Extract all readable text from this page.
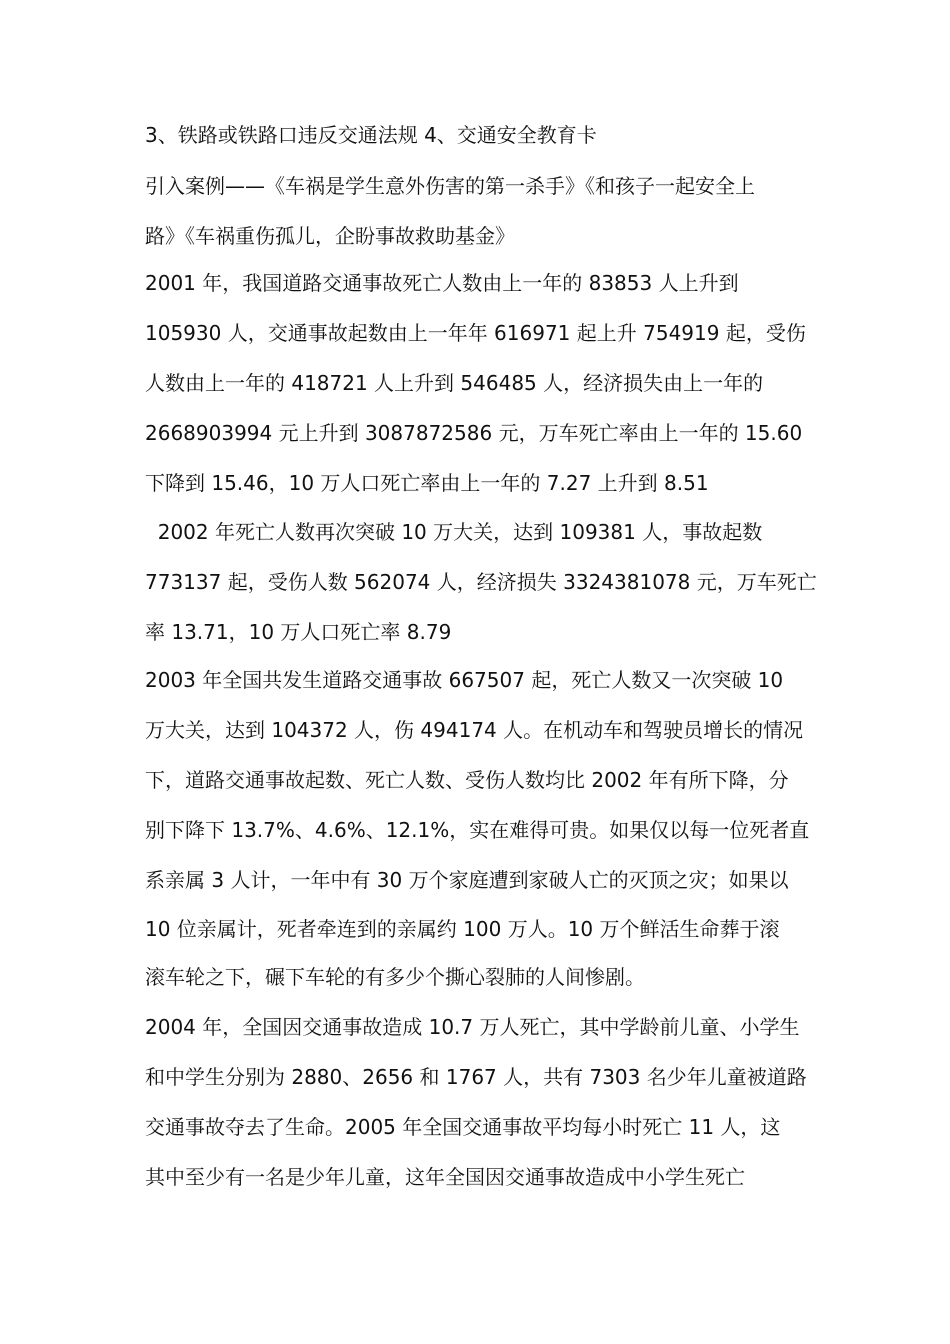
3、铁路或铁路口违反交通法规 4、交通安全教育卡
引入案例——《车祸是学生意外伤害的第一杀手》《和孩子一起安全上
路》《车祸重伤孤儿，企盼事故救助基金》
2001 年，我国道路交通事故死亡人数由上一年的 83853 人上升到
105930 人，交通事故起数由上一年年 616971 起上升 754919 起，受伤
人数由上一年的 418721 人上升到 546485 人，经济损失由上一年的
2668903994 元上升到 3087872586 元，万车死亡率由上一年的 15.60
下降到 15.46，10 万人口死亡率由上一年的 7.27 上升到 8.51
2002 年死亡人数再次突破 10 万大关，达到 109381 人，事故起数
773137 起，受伤人数 562074 人，经济损失 3324381078 元，万车死亡
率 13.71，10 万人口死亡率 8.79
2003 年全国共发生道路交通事故 667507 起，死亡人数又一次突破 10
万大关，达到 104372 人，伤 494174 人。在机动车和驾驶员增长的情况
下，道路交通事故起数、死亡人数、受伤人数均比 2002 年有所下降，分
别下降下 13.7%、4.6%、12.1%，实在难得可贵。如果仅以每一位死者直
系亲属 3 人计，一年中有 30 万个家庭遭到家破人亡的灭顶之灾；如果以
10 位亲属计，死者牵连到的亲属约 100 万人。10 万个鲜活生命葬于滚
滚车轮之下，碾下车轮的有多少个撕心裂肺的人间惨剧。
2004 年，全国因交通事故造成 10.7 万人死亡，其中学龄前儿童、小学生
和中学生分别为 2880、2656 和 1767 人，共有 7303 名少年儿童被道路
交通事故夺去了生命。2005 年全国交通事故平均每小时死亡 11 人，这
其中至少有一名是少年儿童，这年全国因交通事故造成中小学生死亡
